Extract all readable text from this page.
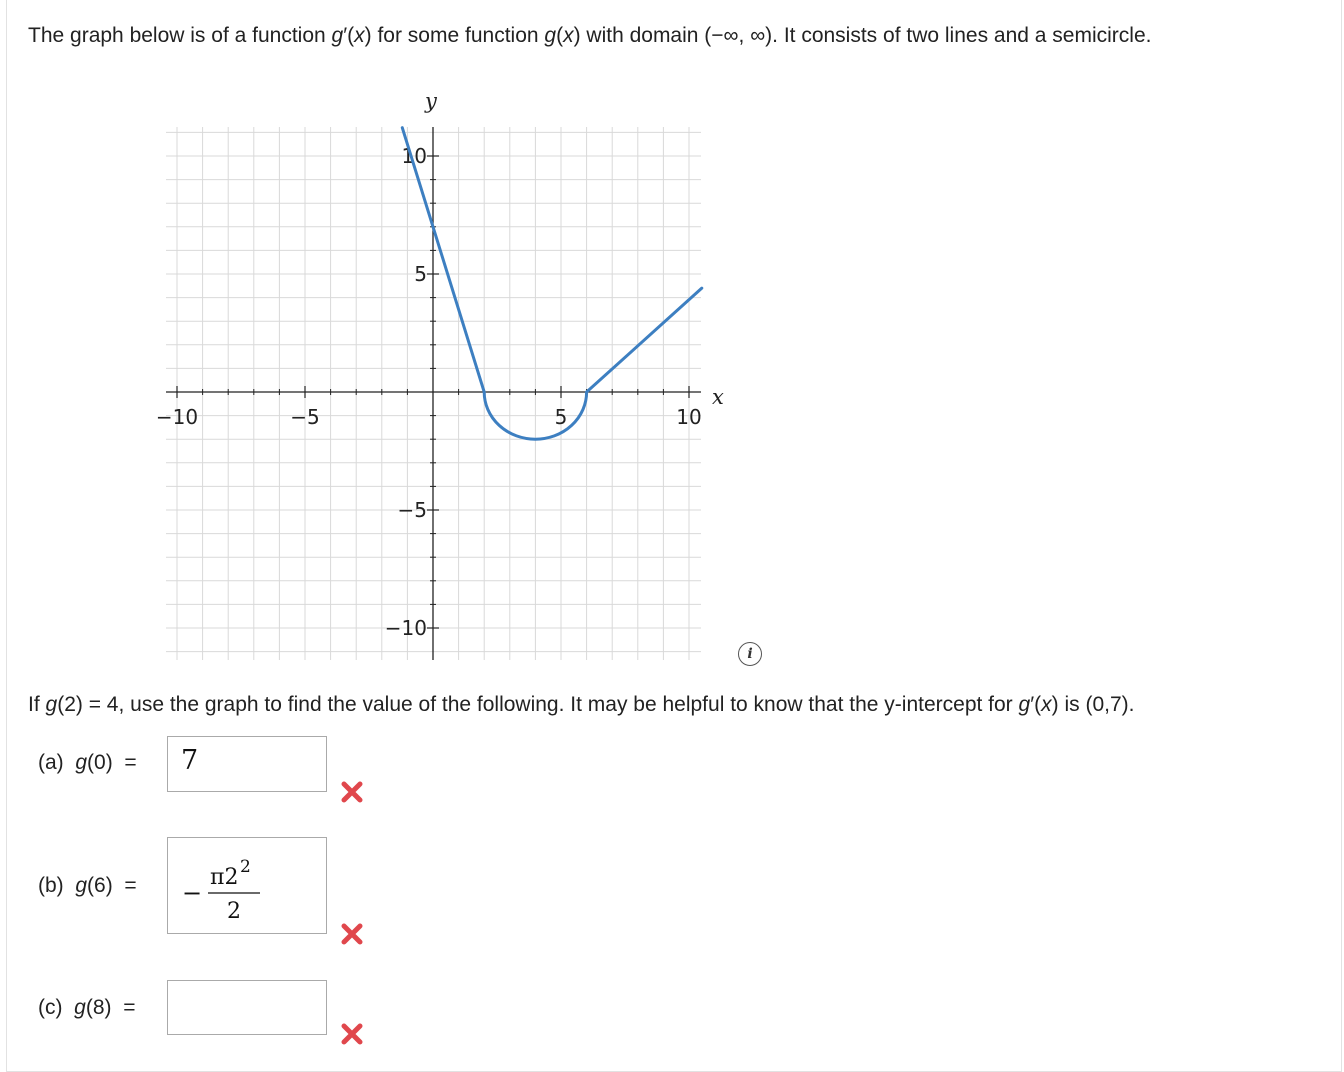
The graph below is of a function g′(x) for some function g(x) with domain (−∞, ∞). It consists of two lines and a semicircle.
x
y
−10	−5	5	10
10
5
−5
−10
i
If g(2) = 4, use the graph to find the value of the following. It may be helpful to know that the y-intercept for g′(x) is (0,7).
(a) g(0) = 7
(b) g(6) = −
π2 2
2
(c) g(8) =
